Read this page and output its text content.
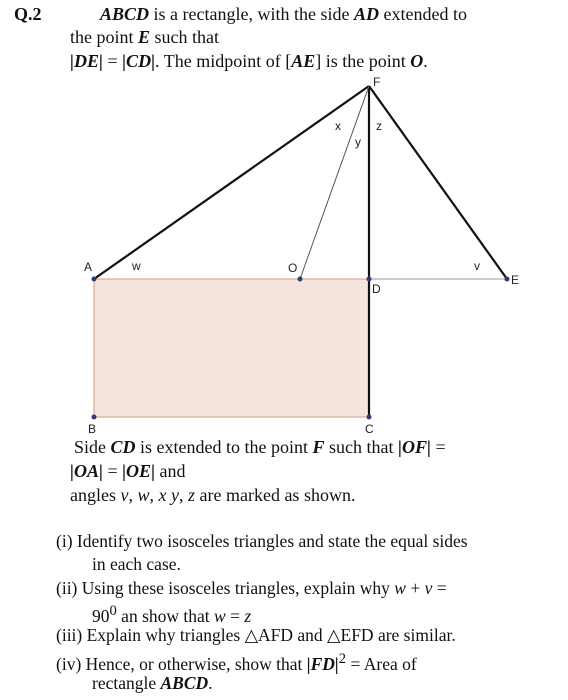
Q.2	ABCD is a rectangle, with the side AD extended to
the point E such that
|DE| = |CD|. The midpoint of [AE] is the point O.
A
B	C
D
E
F
O
x
y
z
w	v
Side CD is extended to the point F such that |OF| =
|OA| = |OE| and
angles v, w, x y, z are marked as shown.
(i) Identify two isosceles triangles and state the equal sides
in each case.
(ii) Using these isosceles triangles, explain why w + v =
$90^0$ an show that w = z
(iii) Explain why triangles △AFD and △EFD are similar.
(iv) Hence, or otherwise, show that $|FD|^2$ = Area of
rectangle ABCD.
